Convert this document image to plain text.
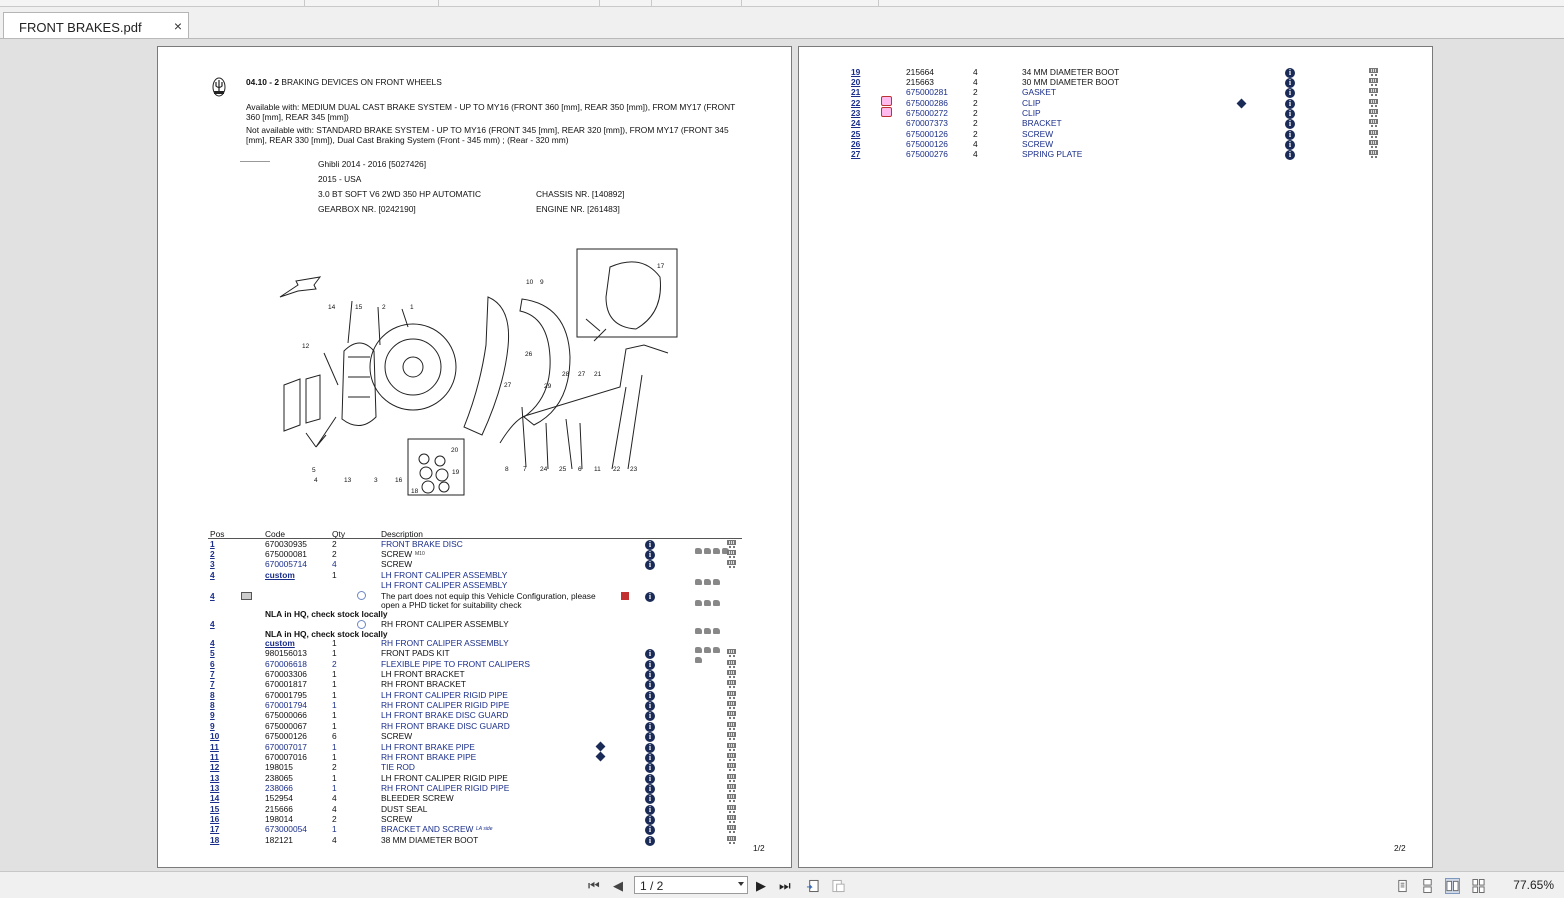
FRONT BRAKES.pdf ×
04.10 - 2 BRAKING DEVICES ON FRONT WHEELS
Available with: MEDIUM DUAL CAST BRAKE SYSTEM - UP TO MY16 (FRONT 360 [mm], REAR 350 [mm]), FROM MY17 (FRONT
360 [mm], REAR 345 [mm])
Not available with: STANDARD BRAKE SYSTEM - UP TO MY16 (FRONT 345 [mm], REAR 320 [mm]), FROM MY17 (FRONT 345
[mm], REAR 330 [mm]), Dual Cast Braking System (Front - 345 mm) ; (Rear - 320 mm)
Ghibli 2014 - 2016 [5027426]
2015 - USA
3.0 BT SOFT V6 2WD 350 HP AUTOMATIC	CHASSIS NR. [140892]
GEARBOX NR. [0242190]	ENGINE NR. [261483]
10 9
17
14	15	2	1
12
26
28 27 21
29
27
20
19
18
5
4	13	3	16
8 7 24 25 6 11 22 23
Pos	Code	Qty	Description
1	670030935	2	FRONT BRAKE DISC	i
2	675000081	2	SCREW	i
3	670005714	4	SCREW	i
4	custom	1	LH FRONT CALIPER ASSEMBLY
LH FRONT CALIPER ASSEMBLY
4	The part does not equip this Vehicle Configuration, please	i
open a PHD ticket for suitability check
4	RH FRONT CALIPER ASSEMBLY
4	custom	1	RH FRONT CALIPER ASSEMBLY
5	980156013	1	FRONT PADS KIT	i
6	670006618	2	FLEXIBLE PIPE TO FRONT CALIPERS	i
7	670003306	1	LH FRONT BRACKET	i
7	670001817	1	RH FRONT BRACKET	i
8	670001795	1	LH FRONT CALIPER RIGID PIPE	i
8	670001794	1	RH FRONT CALIPER RIGID PIPE	i
9	675000066	1	LH FRONT BRAKE DISC GUARD	i
9	675000067	1	RH FRONT BRAKE DISC GUARD	i
10	675000126	6	SCREW	i
11	670007017	1	LH FRONT BRAKE PIPE	i
11	670007016	1	RH FRONT BRAKE PIPE	i
12	198015	2	TIE ROD	i
13	238065	1	LH FRONT CALIPER RIGID PIPE	i
13	238066	1	RH FRONT CALIPER RIGID PIPE	i
14	152954	4	BLEEDER SCREW	i
15	215666	4	DUST SEAL	i
16	198014	2	SCREW	i
17	673000054	1	BRACKET AND SCREW	i
18	182121	4	38 MM DIAMETER BOOT	i
M10
LA side
NLA in HQ, check stock locally
NLA in HQ, check stock locally
1/2
19	215664	4	34 MM DIAMETER BOOT	i
20	215663	4	30 MM DIAMETER BOOT	i
21	675000281	2	GASKET	i
22	675000286	2	CLIP	i
23	675000272	2	CLIP	i
24	670007373	2	BRACKET	i
25	675000126	2	SCREW	i
26	675000126	4	SCREW	i
27	675000276	4	SPRING PLATE	i
2/2
⏮ ◀ 1 / 2	▶ ⏭	77.65%
